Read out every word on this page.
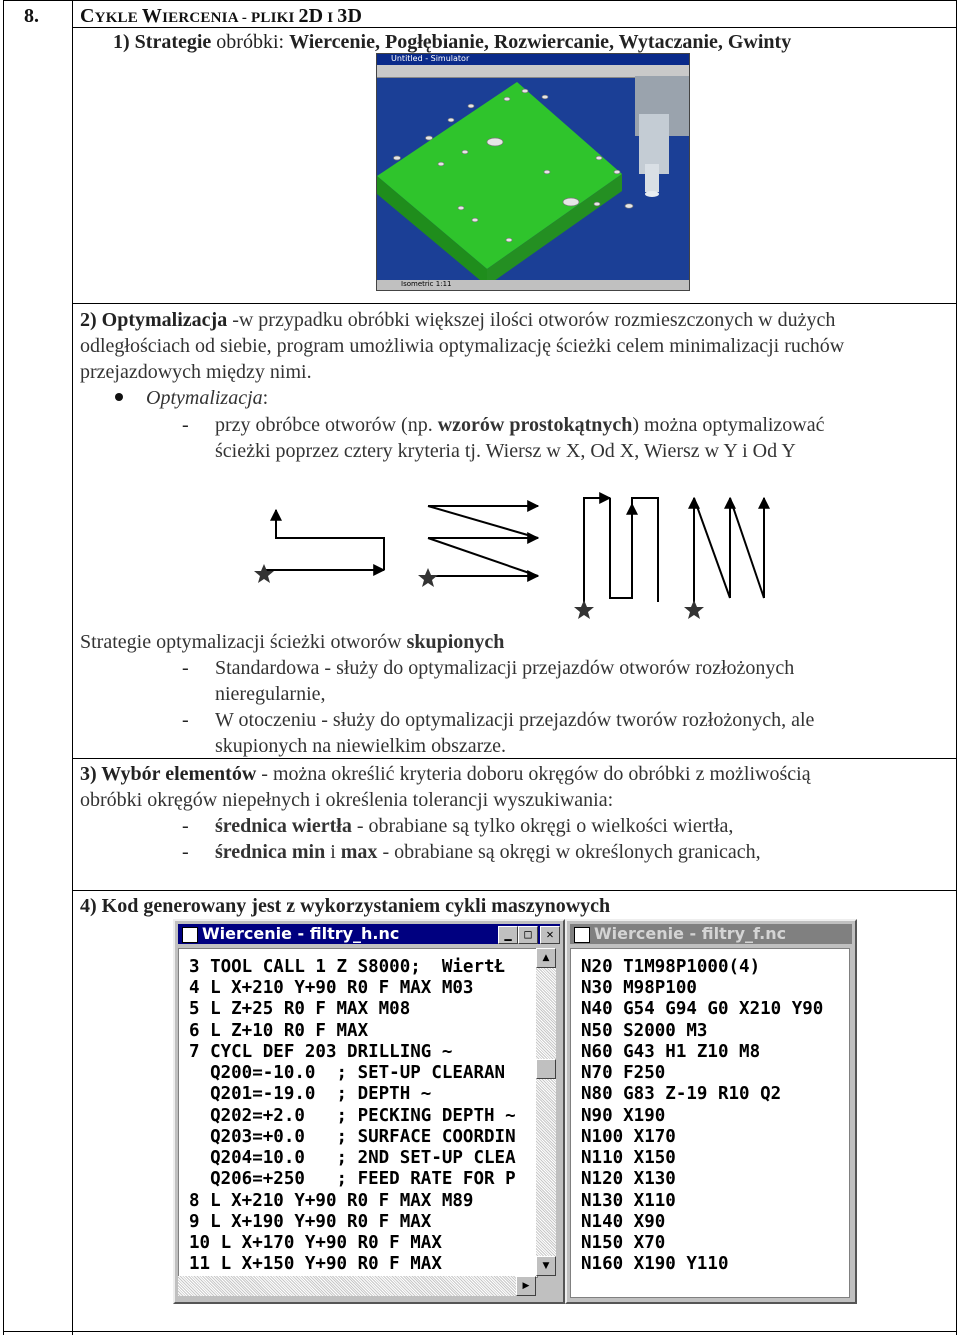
8. CYKLE WIERCENIA - PLIKI 2D I 3D
1) Strategie obróbki: Wiercenie, Pogłębianie, Rozwiercanie, Wytaczanie, Gwinty
Untitled - Simulator
Isometric 1:11
2) Optymalizacja -w przypadku obróbki większej ilości otworów rozmieszczonych w dużych
odległościach od siebie, program umożliwia optymalizację ścieżki celem minimalizacji ruchów
przejazdowych między nimi.
Optymalizacja:
- przy obróbce otworów (np. wzorów prostokątnych) można optymalizować
ścieżki poprzez cztery kryteria tj. Wiersz w X, Od X, Wiersz w Y i Od Y
Strategie optymalizacji ścieżki otworów skupionych
- Standardowa - służy do optymalizacji przejazdów otworów rozłożonych
nieregularnie,
- W otoczeniu - służy do optymalizacji przejazdów tworów rozłożonych, ale
skupionych na niewielkim obszarze.
3) Wybór elementów - można określić kryteria doboru okręgów do obróbki z możliwością
obróbki okręgów niepełnych i określenia tolerancji wyszukiwania:
- średnica wiertła - obrabiane są tylko okręgi o wielkości wiertła,
- średnica min i max - obrabiane są okręgi w określonych granicach,
4) Kod generowany jest z wykorzystaniem cykli maszynowych
Wiercenie - filtry_h.nc	▁	□	✕
3 TOOL CALL 1 Z S8000;  WiertŁ
4 L X+210 Y+90 R0 F MAX M03
5 L Z+25 R0 F MAX M08
6 L Z+10 R0 F MAX
7 CYCL DEF 203 DRILLING ~
Q200=-10.0  ; SET-UP CLEARAN
Q201=-19.0  ; DEPTH ~
Q202=+2.0   ; PECKING DEPTH ~
Q203=+0.0   ; SURFACE COORDIN
Q204=10.0   ; 2ND SET-UP CLEA
Q206=+250   ; FEED RATE FOR P
8 L X+210 Y+90 R0 F MAX M89
9 L X+190 Y+90 R0 F MAX
10 L X+170 Y+90 R0 F MAX
11 L X+150 Y+90 R0 F MAX
▲
▼
▶
Wiercenie - filtry_f.nc
N20 T1M98P1000(4)
N30 M98P100
N40 G54 G94 G0 X210 Y90
N50 S2000 M3
N60 G43 H1 Z10 M8
N70 F250
N80 G83 Z-19 R10 Q2
N90 X190
N100 X170
N110 X150
N120 X130
N130 X110
N140 X90
N150 X70
N160 X190 Y110
